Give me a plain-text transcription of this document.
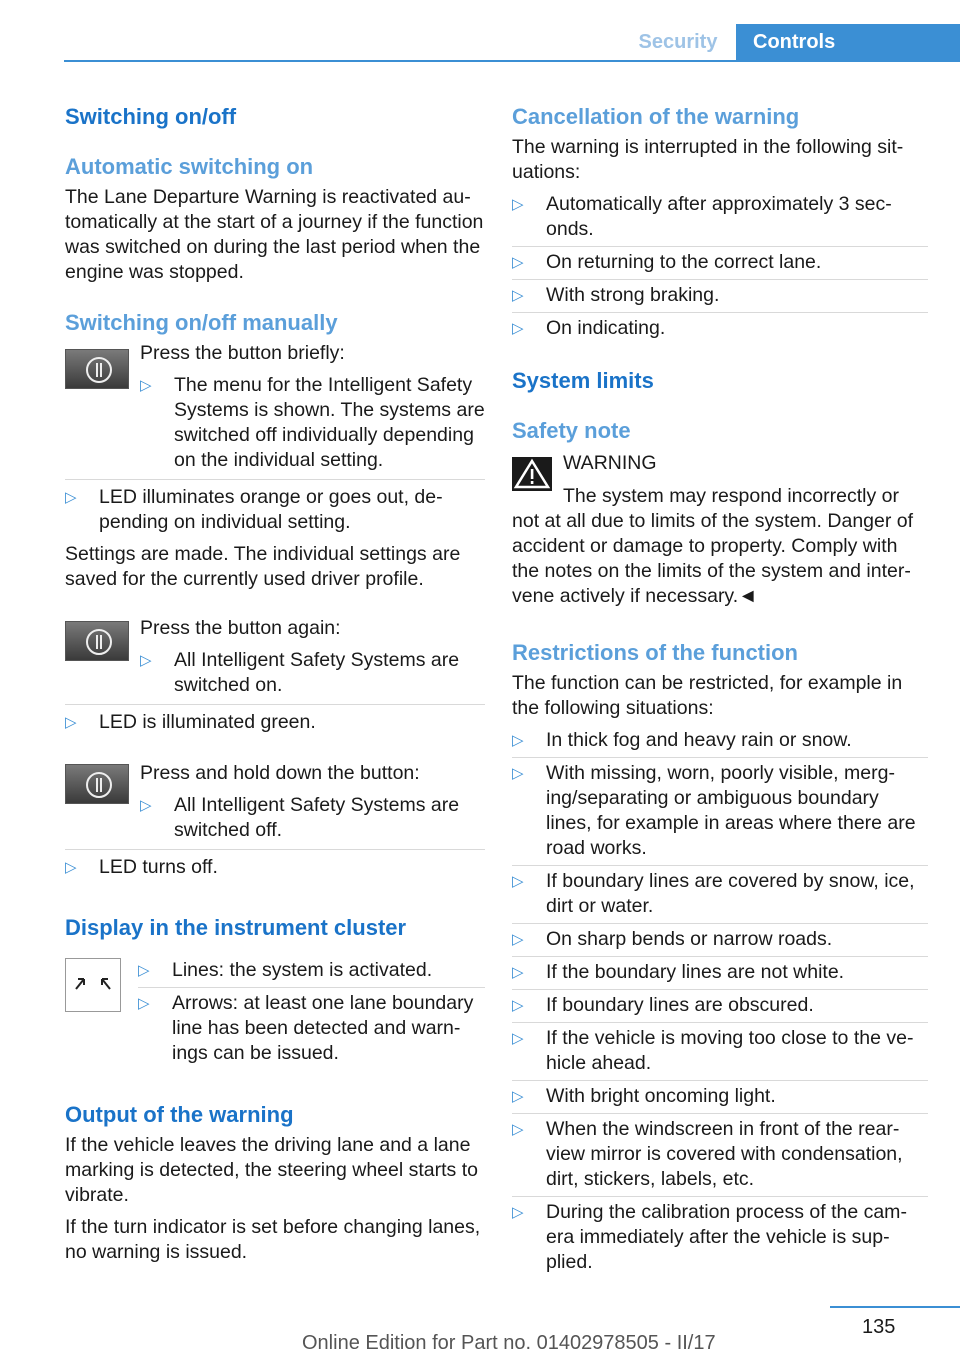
Security	Controls
Switching on/off
Automatic switching on

The Lane Departure Warning is reactivated automatically at the start of a journey if the function was switched on during the last period when the engine was stopped.

Switching on/off manually

Press the button briefly:

▷	The menu for the Intelligent Safety Systems is shown. The systems are switched off individually depending on the individual setting.
▷	LED illuminates orange or goes out, depending on individual setting.

Settings are made. The individual settings are saved for the currently used driver profile.

Press the button again:

▷	All Intelligent Safety Systems are switched on.
▷	LED is illuminated green.

Press and hold down the button:

▷	All Intelligent Safety Systems are switched off.
▷	LED turns off.
Display in the instrument cluster
▷	Lines: the system is activated.
▷	Arrows: at least one lane boundary line has been detected and warnings can be issued.
Output of the warning

If the vehicle leaves the driving lane and a lane marking is detected, the steering wheel starts to vibrate.

If the turn indicator is set before changing lanes, no warning is issued.

Cancellation of the warning

The warning is interrupted in the following situations:

▷	Automatically after approximately 3 seconds.
▷	On returning to the correct lane.
▷	With strong braking.
▷	On indicating.
System limits
Safety note

WARNING

The system may respond incorrectly or

not at all due to limits of the system. Danger of accident or damage to property. Comply with the notes on the limits of the system and intervene actively if necessary.◄

Restrictions of the function

The function can be restricted, for example in the following situations:

▷	In thick fog and heavy rain or snow.
▷	With missing, worn, poorly visible, merging/separating or ambiguous boundary lines, for example in areas where there are road works.
▷	If boundary lines are covered by snow, ice, dirt or water.
▷	On sharp bends or narrow roads.
▷	If the boundary lines are not white.
▷	If boundary lines are obscured.
▷	If the vehicle is moving too close to the vehicle ahead.
▷	With bright oncoming light.
▷	When the windscreen in front of the rearview mirror is covered with condensation, dirt, stickers, labels, etc.
▷	During the calibration process of the camera immediately after the vehicle is supplied.
135
Online Edition for Part no. 01402978505 - II/17
